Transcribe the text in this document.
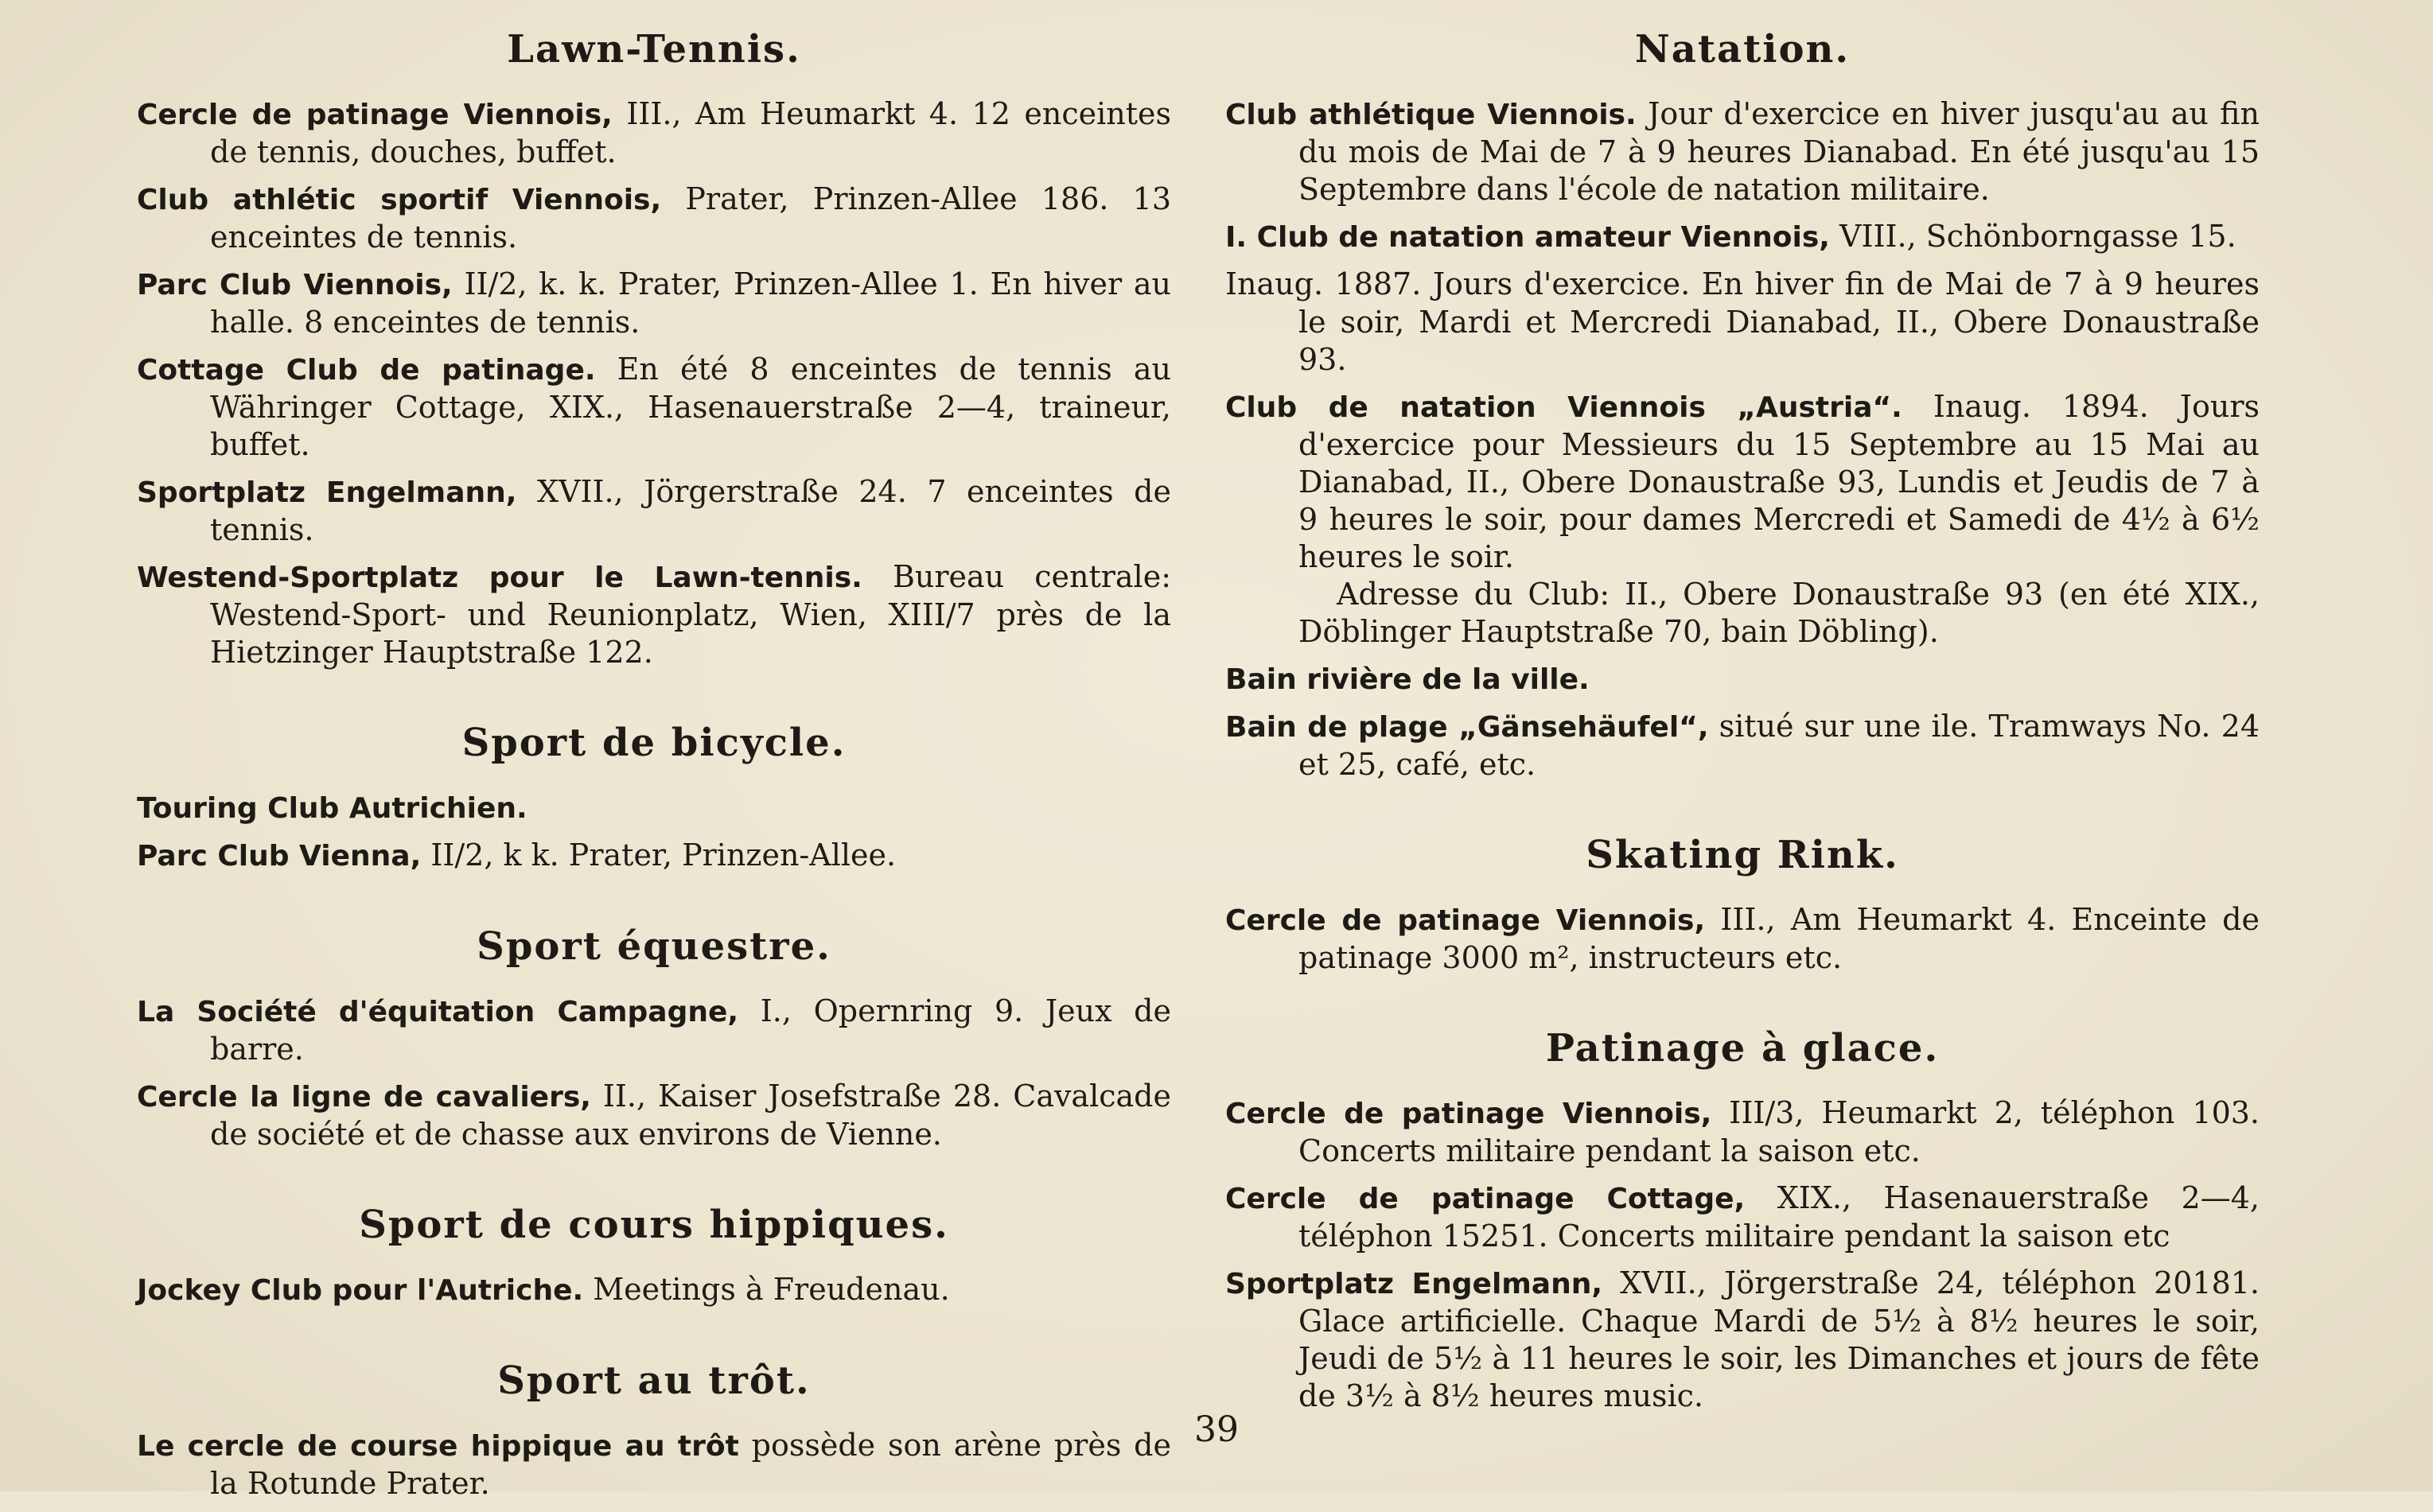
Lawn-Tennis.

Cercle de patinage Viennois, III., Am Heumarkt 4. 12 enceintes de tennis, douches, buffet.

Club athlétic sportif Viennois, Prater, Prinzen-Allee 186. 13 enceintes de tennis.

Parc Club Viennois, II/2, k. k. Prater, Prinzen-Allee 1. En hiver au halle. 8 enceintes de tennis.

Cottage Club de patinage. En été 8 enceintes de tennis au Währinger Cottage, XIX., Hasenauerstraße 2—4, traineur, buffet.

Sportplatz Engelmann, XVII., Jörgerstraße 24. 7 enceintes de tennis.

Westend-Sportplatz pour le Lawn-tennis. Bureau centrale: Westend-Sport- und Reunionplatz, Wien, XIII/7 près de la Hietzinger Hauptstraße 122.

Sport de bicycle.

Touring Club Autrichien.

Parc Club Vienna, II/2, k k. Prater, Prinzen-Allee.

Sport équestre.

La Société d'équitation Campagne, I., Opernring 9. Jeux de barre.

Cercle la ligne de cavaliers, II., Kaiser Josefstraße 28. Cavalcade de société et de chasse aux environs de Vienne.

Sport de cours hippiques.

Jockey Club pour l'Autriche. Meetings à Freudenau.

Sport au trôt.

Le cercle de course hippique au trôt possède son arène près de la Rotunde Prater.

Natation.

Club athlétique Viennois. Jour d'exercice en hiver jusqu'au au fin du mois de Mai de 7 à 9 heures Dianabad. En été jusqu'au 15 Septembre dans l'école de natation militaire.

I. Club de natation amateur Viennois, VIII., Schönborngasse 15.

Inaug. 1887. Jours d'exercice. En hiver fin de Mai de 7 à 9 heures le soir, Mardi et Mercredi Dianabad, II., Obere Donaustraße 93.

Club de natation Viennois „Austria“. Inaug. 1894. Jours d'exercice pour Messieurs du 15 Septembre au 15 Mai au Dianabad, II., Obere Donaustraße 93, Lundis et Jeudis de 7 à 9 heures le soir, pour dames Mercredi et Samedi de 4½ à 6½ heures le soir.

Adresse du Club: II., Obere Donaustraße 93 (en été XIX., Döblinger Hauptstraße 70, bain Döbling).

Bain rivière de la ville.

Bain de plage „Gänsehäufel“, situé sur une ile. Tramways No. 24 et 25, café, etc.

Skating Rink.

Cercle de patinage Viennois, III., Am Heumarkt 4. Enceinte de patinage 3000 m², instructeurs etc.

Patinage à glace.

Cercle de patinage Viennois, III/3, Heumarkt 2, téléphon 103. Concerts militaire pendant la saison etc.

Cercle de patinage Cottage, XIX., Hasenauerstraße 2—4, téléphon 15251. Concerts militaire pendant la saison etc

Sportplatz Engelmann, XVII., Jörgerstraße 24, téléphon 20181. Glace artificielle. Chaque Mardi de 5½ à 8½ heures le soir, Jeudi de 5½ à 11 heures le soir, les Dimanches et jours de fête de 3½ à 8½ heures music.

39
